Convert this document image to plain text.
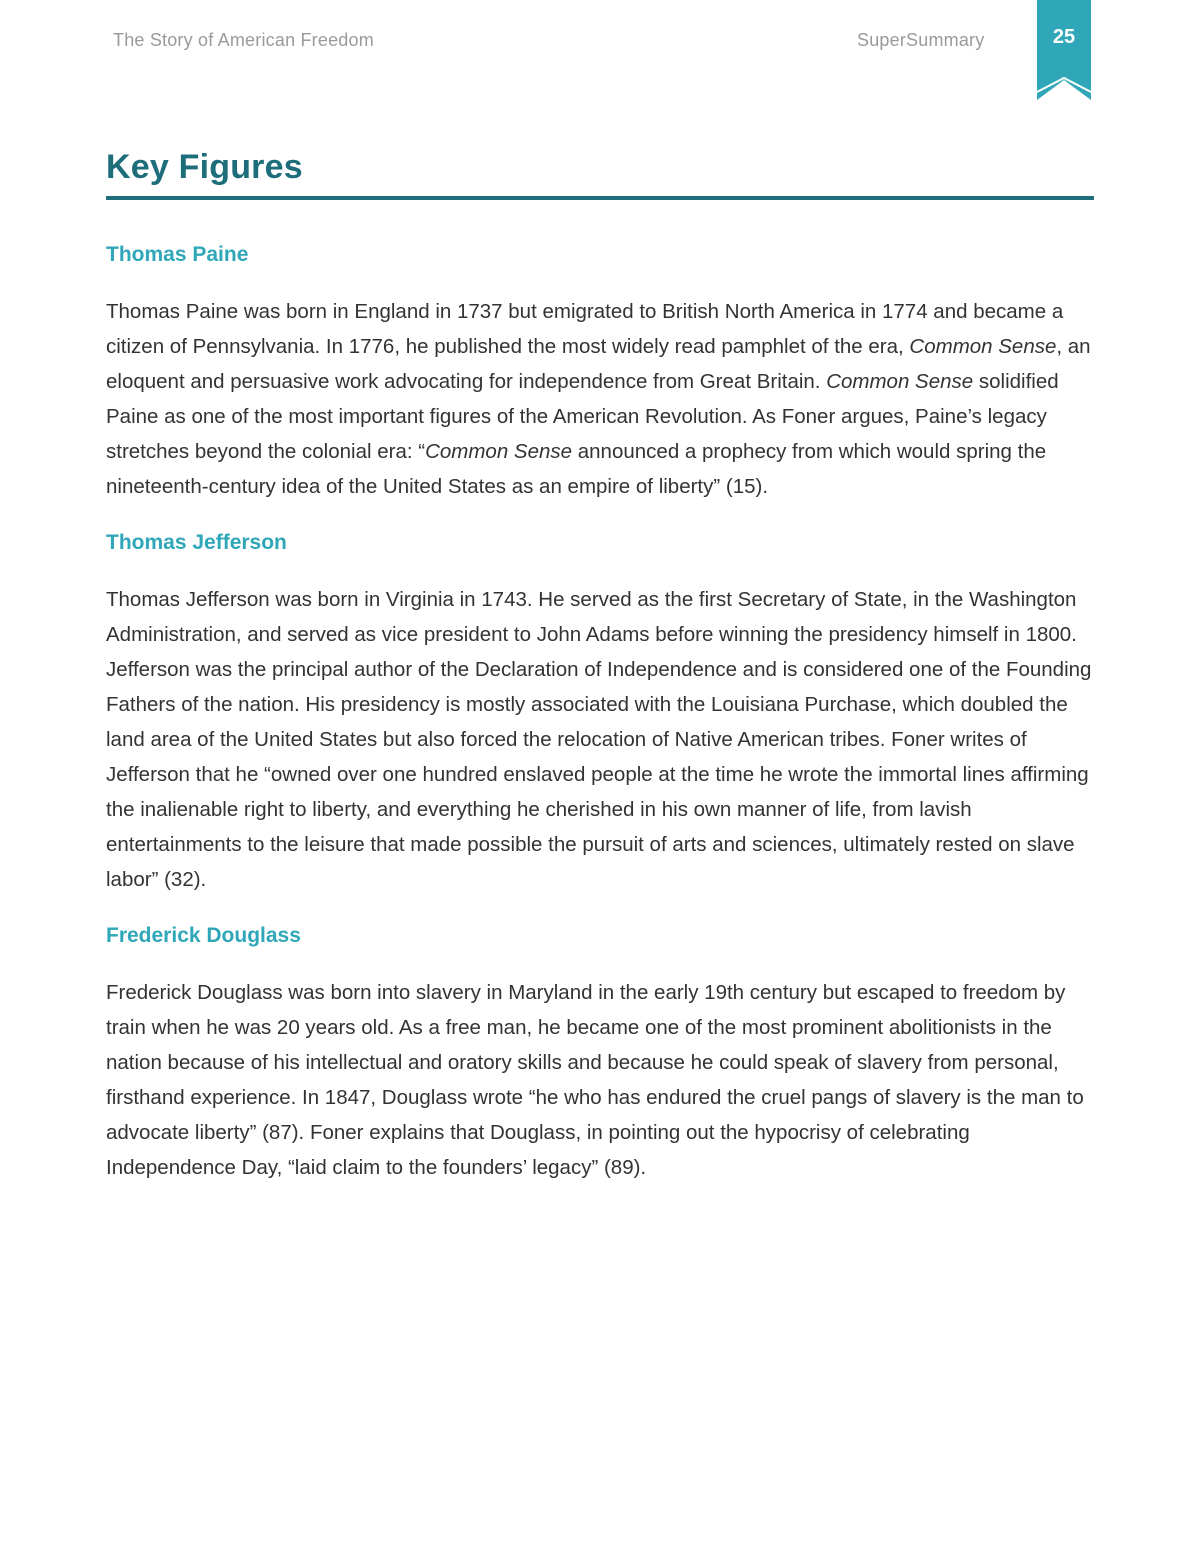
The Story of American Freedom	SuperSummary	25
Key Figures
Thomas Paine

Thomas Paine was born in England in 1737 but emigrated to British North America in 1774 and became a citizen of Pennsylvania. In 1776, he published the most widely read pamphlet of the era, Common Sense, an eloquent and persuasive work advocating for independence from Great Britain. Common Sense solidified Paine as one of the most important figures of the American Revolution. As Foner argues, Paine’s legacy stretches beyond the colonial era: “Common Sense announced a prophecy from which would spring the nineteenth-century idea of the United States as an empire of liberty” (15).

Thomas Jefferson

Thomas Jefferson was born in Virginia in 1743. He served as the first Secretary of State, in the Washington Administration, and served as vice president to John Adams before winning the presidency himself in 1800. Jefferson was the principal author of the Declaration of Independence and is considered one of the Founding Fathers of the nation. His presidency is mostly associated with the Louisiana Purchase, which doubled the land area of the United States but also forced the relocation of Native American tribes. Foner writes of Jefferson that he “owned over one hundred enslaved people at the time he wrote the immortal lines affirming the inalienable right to liberty, and everything he cherished in his own manner of life, from lavish entertainments to the leisure that made possible the pursuit of arts and sciences, ultimately rested on slave labor” (32).

Frederick Douglass

Frederick Douglass was born into slavery in Maryland in the early 19th century but escaped to freedom by train when he was 20 years old. As a free man, he became one of the most prominent abolitionists in the nation because of his intellectual and oratory skills and because he could speak of slavery from personal, firsthand experience. In 1847, Douglass wrote “he who has endured the cruel pangs of slavery is the man to advocate liberty” (87). Foner explains that Douglass, in pointing out the hypocrisy of celebrating Independence Day, “laid claim to the founders’ legacy” (89).
